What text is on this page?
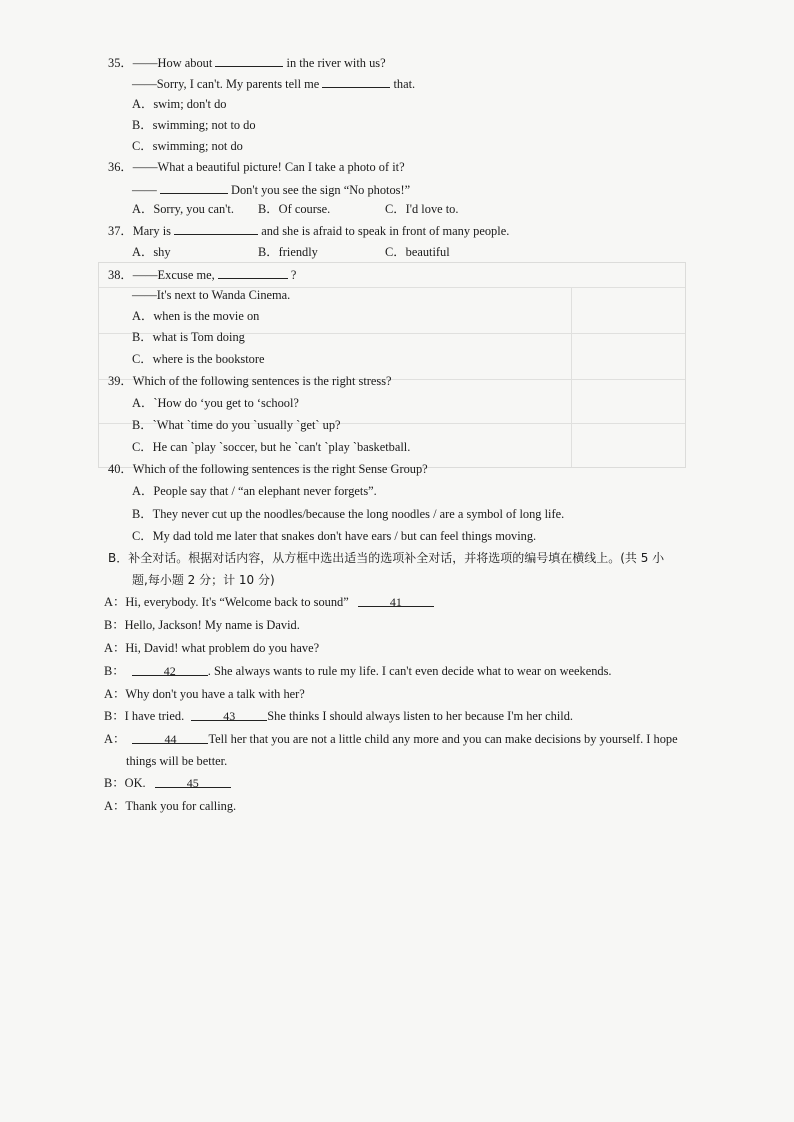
35．——How about	in the river with us?
——Sorry, I can't. My parents tell me	that.
A．swim; don't do
B．swimming; not to do
C．swimming; not do
36．——What a beautiful picture! Can I take a photo of it?
——	Don't you see the sign “No photos!”
A．Sorry, you can't. B．Of course.	C．I'd love to.
37．Mary is	and she is afraid to speak in front of many people.
A．shy	B．friendly	C．beautiful
38．——Excuse me,	?
——It's next to Wanda Cinema.
A．when is the movie on
B．what is Tom doing
C．where is the bookstore
39．Which of the following sentences is the right stress?
A．`How do ‘you get to ‘school?
B．`What `time do you `usually `get` up?
C．He can `play `soccer, but he `can't `play `basketball.
40．Which of the following sentences is the right Sense Group?
A．People say that / “an elephant never forgets”.
B．They never cut up the noodles/because the long noodles / are a symbol of long life.
C．My dad told me later that snakes don't have ears / but can feel things moving.
B．补全对话。根据对话内容，从方框中选出适当的选项补全对话，并将选项的编号填在横线上。(共 5 小
题,每小题 2 分；计 10 分)
A：Hi, everybody. It's “Welcome back to sound”	41
B：Hello, Jackson! My name is David.
A：Hi, David! what problem do you have?
B：	42	. She always wants to rule my life. I can't even decide what to wear on weekends.
A：Why don't you have a talk with her?
B：I have tried.	43	She thinks I should always listen to her because I'm her child.
A：	44	Tell her that you are not a little child any more and you can make decisions by yourself. I hope
things will be better.
B：OK.	45
A：Thank you for calling.
